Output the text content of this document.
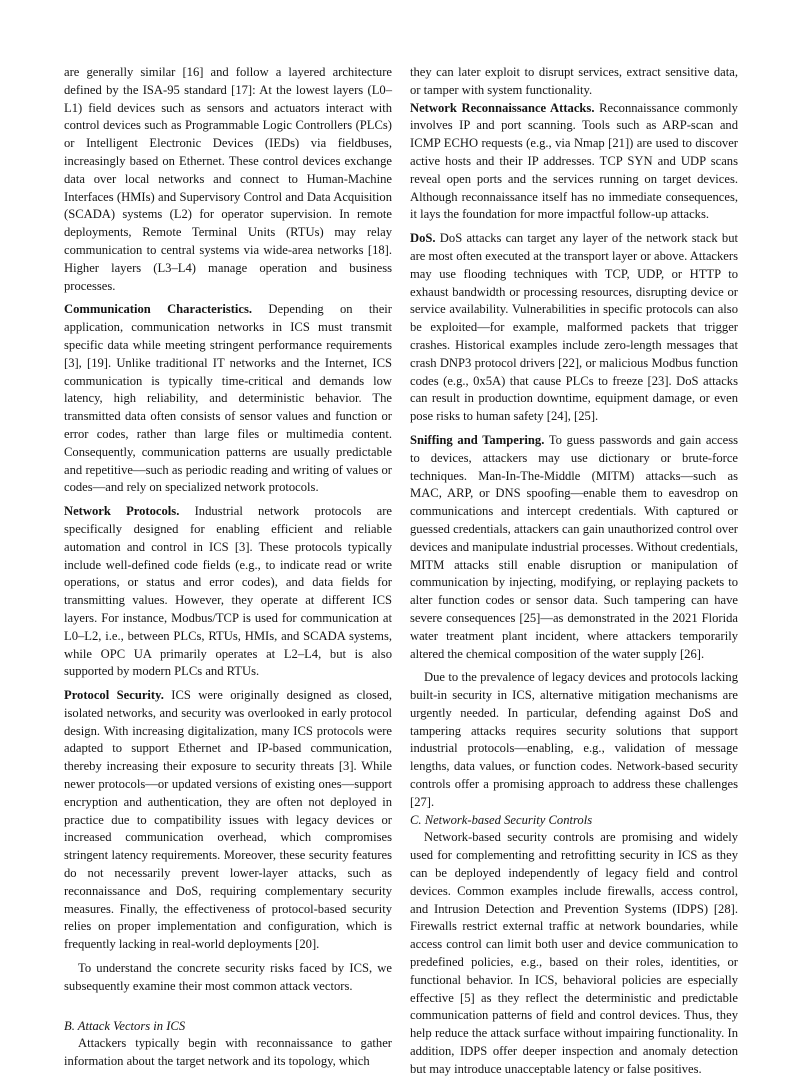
are generally similar [16] and follow a layered architecture defined by the ISA-95 standard [17]: At the lowest layers (L0–L1) field devices such as sensors and actuators interact with control devices such as Programmable Logic Controllers (PLCs) or Intelligent Electronic Devices (IEDs) via fieldbuses, increasingly based on Ethernet. These control devices exchange data over local networks and connect to Human-Machine Interfaces (HMIs) and Supervisory Control and Data Acquisition (SCADA) systems (L2) for operator supervision. In remote deployments, Remote Terminal Units (RTUs) may relay communication to central systems via wide-area networks [18]. Higher layers (L3–L4) manage operation and business processes.

Communication Characteristics. Depending on their application, communication networks in ICS must transmit specific data while meeting stringent performance requirements [3], [19]. Unlike traditional IT networks and the Internet, ICS communication is typically time-critical and demands low latency, high reliability, and deterministic behavior. The transmitted data often consists of sensor values and function or error codes, rather than large files or multimedia content. Consequently, communication patterns are usually predictable and repetitive—such as periodic reading and writing of values or codes—and rely on specialized network protocols.

Network Protocols. Industrial network protocols are specifically designed for enabling efficient and reliable automation and control in ICS [3]. These protocols typically include well-defined code fields (e.g., to indicate read or write operations, or status and error codes), and data fields for transmitting values. However, they operate at different ICS layers. For instance, Modbus/TCP is used for communication at L0–L2, i.e., between PLCs, RTUs, HMIs, and SCADA systems, while OPC UA primarily operates at L2–L4, but is also supported by modern PLCs and RTUs.

Protocol Security. ICS were originally designed as closed, isolated networks, and security was overlooked in early protocol design. With increasing digitalization, many ICS protocols were adapted to support Ethernet and IP-based communication, thereby increasing their exposure to security threats [3]. While newer protocols—or updated versions of existing ones—support encryption and authentication, they are often not deployed in practice due to compatibility issues with legacy devices or increased communication overhead, which compromises stringent latency requirements. Moreover, these security features do not necessarily prevent lower-layer attacks, such as reconnaissance and DoS, requiring complementary security measures. Finally, the effectiveness of protocol-based security relies on proper implementation and configuration, which is frequently lacking in real-world deployments [20].

To understand the concrete security risks faced by ICS, we subsequently examine their most common attack vectors.

B. Attack Vectors in ICS

Attackers typically begin with reconnaissance to gather information about the target network and its topology, which

they can later exploit to disrupt services, extract sensitive data, or tamper with system functionality.

Network Reconnaissance Attacks. Reconnaissance commonly involves IP and port scanning. Tools such as ARP-scan and ICMP ECHO requests (e.g., via Nmap [21]) are used to discover active hosts and their IP addresses. TCP SYN and UDP scans reveal open ports and the services running on target devices. Although reconnaissance itself has no immediate consequences, it lays the foundation for more impactful follow-up attacks.

DoS. DoS attacks can target any layer of the network stack but are most often executed at the transport layer or above. Attackers may use flooding techniques with TCP, UDP, or HTTP to exhaust bandwidth or processing resources, disrupting device or service availability. Vulnerabilities in specific protocols can also be exploited—for example, malformed packets that trigger crashes. Historical examples include zero-length messages that crash DNP3 protocol drivers [22], or malicious Modbus function codes (e.g., 0x5A) that cause PLCs to freeze [23]. DoS attacks can result in production downtime, equipment damage, or even pose risks to human safety [24], [25].

Sniffing and Tampering. To guess passwords and gain access to devices, attackers may use dictionary or brute-force techniques. Man-In-The-Middle (MITM) attacks—such as MAC, ARP, or DNS spoofing—enable them to eavesdrop on communications and intercept credentials. With captured or guessed credentials, attackers can gain unauthorized control over devices and manipulate industrial processes. Without credentials, MITM attacks still enable disruption or manipulation of communication by injecting, modifying, or replaying packets to alter function codes or sensor data. Such tampering can have severe consequences [25]—as demonstrated in the 2021 Florida water treatment plant incident, where attackers temporarily altered the chemical composition of the water supply [26].

Due to the prevalence of legacy devices and protocols lacking built-in security in ICS, alternative mitigation mechanisms are urgently needed. In particular, defending against DoS and tampering attacks requires security solutions that support industrial protocols—enabling, e.g., validation of message lengths, data values, or function codes. Network-based security controls offer a promising approach to address these challenges [27].

C. Network-based Security Controls

Network-based security controls are promising and widely used for complementing and retrofitting security in ICS as they can be deployed independently of legacy field and control devices. Common examples include firewalls, access control, and Intrusion Detection and Prevention Systems (IDPS) [28]. Firewalls restrict external traffic at network boundaries, while access control can limit both user and device communication to predefined policies, e.g., based on their roles, identities, or functional behavior. In ICS, behavioral policies are especially effective [5] as they reflect the deterministic and predictable communication patterns of field and control devices. Thus, they help reduce the attack surface without impairing functionality. In addition, IDPS offer deeper inspection and anomaly detection but may introduce unacceptable latency or false positives.
